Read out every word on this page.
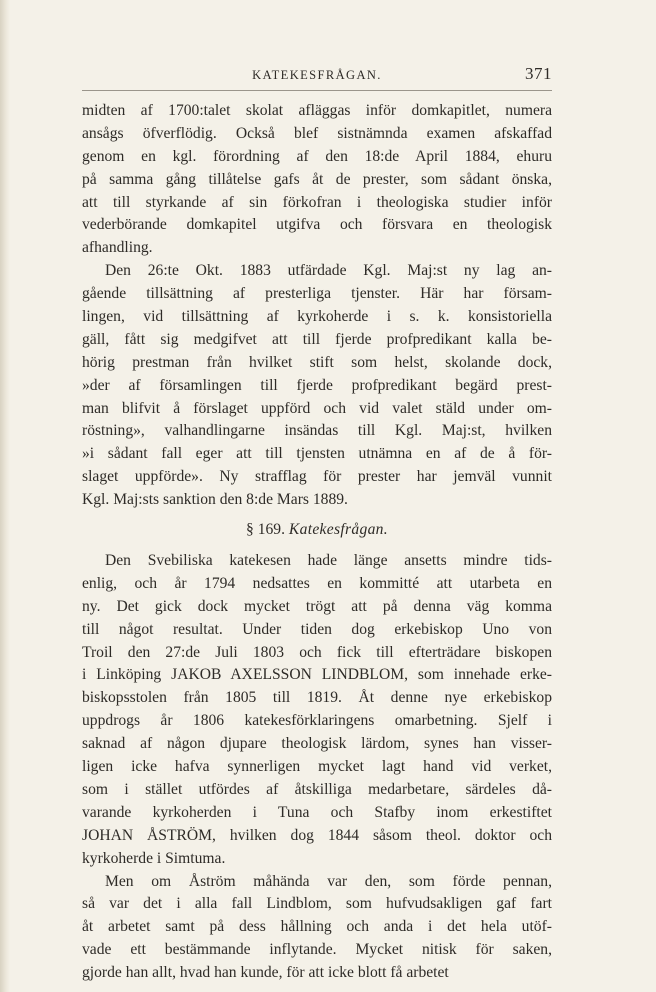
KATEKESFRÅGAN.	371
midten af 1700:talet skolat afläggas inför domkapitlet, numera
ansågs öfverflödig. Också blef sistnämnda examen afskaffad
genom en kgl. förordning af den 18:de April 1884, ehuru
på samma gång tillåtelse gafs åt de prester, som sådant önska,
att till styrkande af sin förkofran i theologiska studier inför
vederbörande domkapitel utgifva och försvara en theologisk
afhandling.
Den 26:te Okt. 1883 utfärdade Kgl. Maj:st ny lag an-
gående tillsättning af presterliga tjenster. Här har försam-
lingen, vid tillsättning af kyrkoherde i s. k. konsistoriella
gäll, fått sig medgifvet att till fjerde profpredikant kalla be-
hörig prestman från hvilket stift som helst, skolande dock,
»der af församlingen till fjerde profpredikant begärd prest-
man blifvit å förslaget uppförd och vid valet stäld under om-
röstning», valhandlingarne insändas till Kgl. Maj:st, hvilken
»i sådant fall eger att till tjensten utnämna en af de å för-
slaget uppförde». Ny strafflag för prester har jemväl vunnit
Kgl. Maj:sts sanktion den 8:de Mars 1889.
§ 169. Katekesfrågan.
Den Svebiliska katekesen hade länge ansetts mindre tids-
enlig, och år 1794 nedsattes en kommitté att utarbeta en
ny. Det gick dock mycket trögt att på denna väg komma
till något resultat. Under tiden dog erkebiskop Uno von
Troil den 27:de Juli 1803 och fick till efterträdare biskopen
i Linköping JAKOB AXELSSON LINDBLOM, som innehade erke-
biskopsstolen från 1805 till 1819. Åt denne nye erkebiskop
uppdrogs år 1806 katekesförklaringens omarbetning. Sjelf i
saknad af någon djupare theologisk lärdom, synes han visser-
ligen icke hafva synnerligen mycket lagt hand vid verket,
som i stället utfördes af åtskilliga medarbetare, särdeles då-
varande kyrkoherden i Tuna och Stafby inom erkestiftet
JOHAN ÅSTRÖM, hvilken dog 1844 såsom theol. doktor och
kyrkoherde i Simtuma.
Men om Åström måhända var den, som förde pennan,
så var det i alla fall Lindblom, som hufvudsakligen gaf fart
åt arbetet samt på dess hållning och anda i det hela utöf-
vade ett bestämmande inflytande. Mycket nitisk för saken,
gjorde han allt, hvad han kunde, för att icke blott få arbetet
